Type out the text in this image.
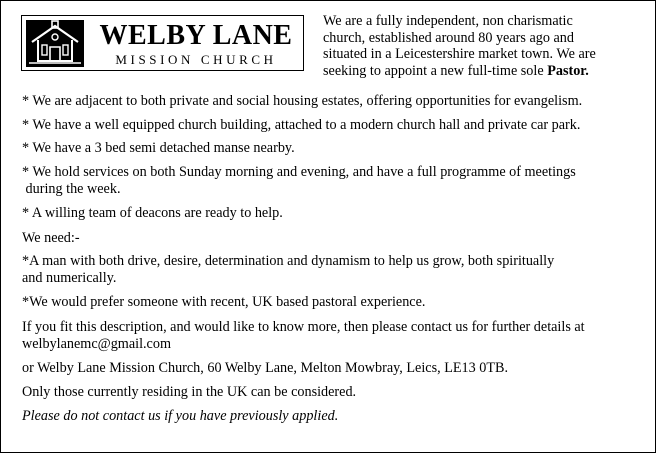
WELBY LANE
MISSION CHURCH
We are a fully independent, non charismatic
church, established around 80 years ago and
situated in a Leicestershire market town. We are
seeking to appoint a new full-time sole Pastor.
* We are adjacent to both private and social housing estates, offering opportunities for evangelism.
* We have a well equipped church building, attached to a modern church hall and private car park.
* We have a 3 bed semi detached manse nearby.
* We hold services on both Sunday morning and evening, and have a full programme of meetings
during the week.
* A willing team of deacons are ready to help.
We need:-
*A man with both drive, desire, determination and dynamism to help us grow, both spiritually
and numerically.
*We would prefer someone with recent, UK based pastoral experience.
If you fit this description, and would like to know more, then please contact us for further details at
welbylanemc@gmail.com
or Welby Lane Mission Church, 60 Welby Lane, Melton Mowbray, Leics, LE13 0TB.
Only those currently residing in the UK can be considered.
Please do not contact us if you have previously applied.
